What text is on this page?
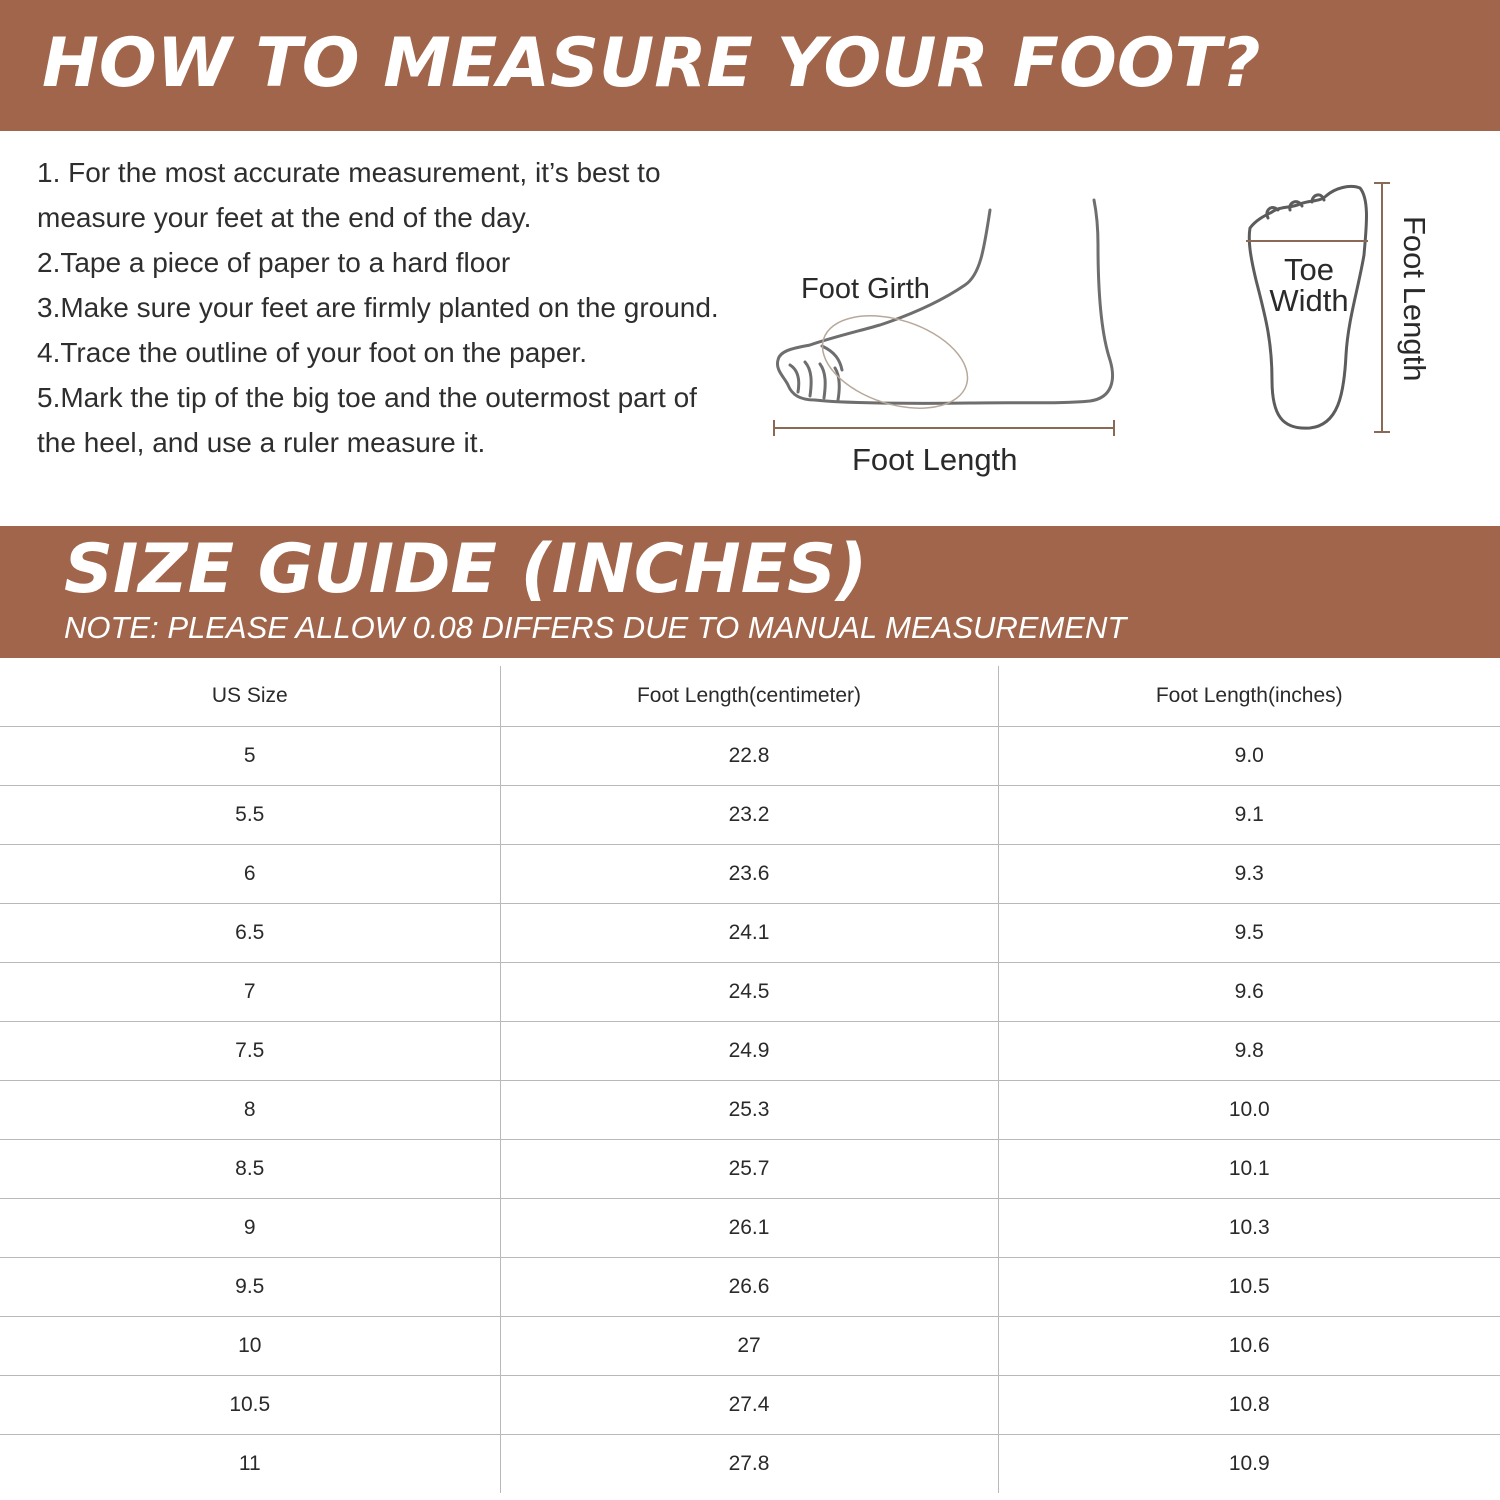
HOW TO MEASURE YOUR FOOT?

1. For the most accurate measurement, it’s best to measure your feet at the end of the day.

2.Tape a piece of paper to a hard floor

3.Make sure your feet are firmly planted on the ground.

4.Trace the outline of your foot on the paper.

5.Mark the tip of the big toe and the outermost part of the heel, and use a ruler measure it.

Foot Girth
Foot Length
Toe
Width Foot Length
SIZE GUIDE (INCHES)
NOTE: PLEASE ALLOW 0.08 DIFFERS DUE TO MANUAL MEASUREMENT
US Size	Foot Length(centimeter)	Foot Length(inches)
5	22.8	9.0
5.5	23.2	9.1
6	23.6	9.3
6.5	24.1	9.5
7	24.5	9.6
7.5	24.9	9.8
8	25.3	10.0
8.5	25.7	10.1
9	26.1	10.3
9.5	26.6	10.5
10	27	10.6
10.5	27.4	10.8
11	27.8	10.9
